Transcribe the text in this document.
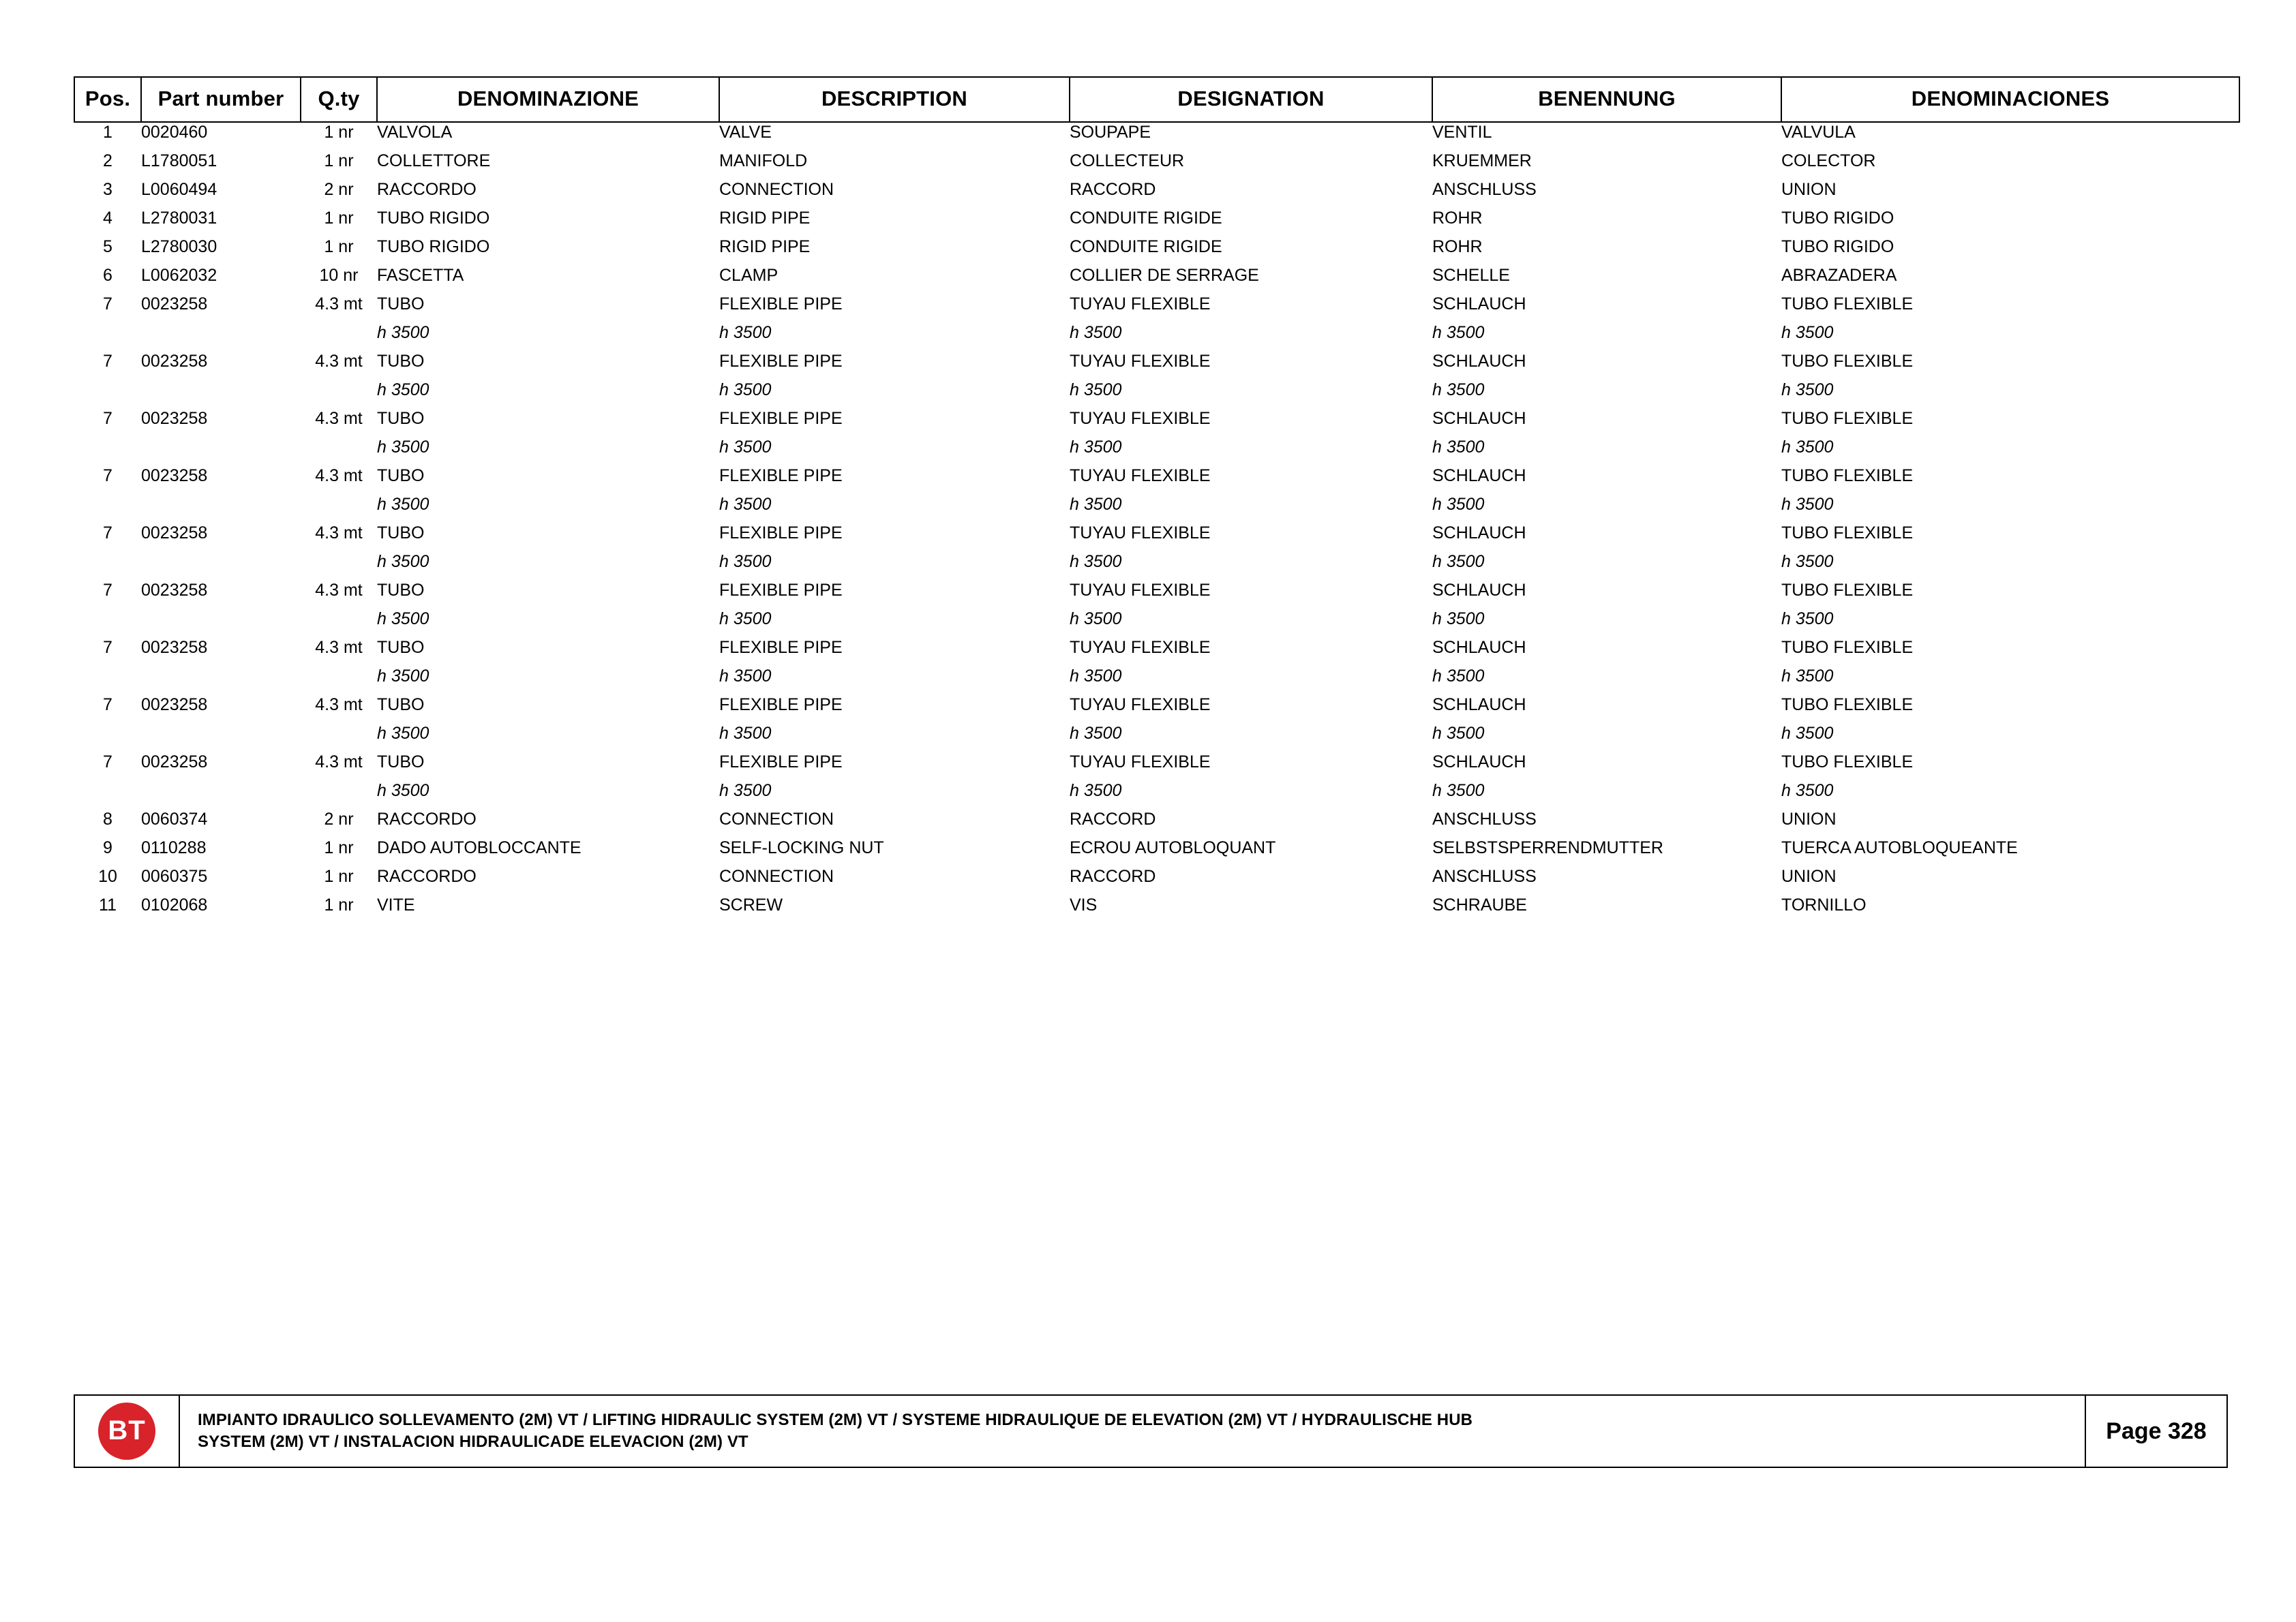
Pos.	Part number	Q.ty	DENOMINAZIONE	DESCRIPTION	DESIGNATION	BENENNUNG	DENOMINACIONES
1	0020460	1 nr	VALVOLA	VALVE	SOUPAPE	VENTIL	VALVULA
2	L1780051	1 nr	COLLETTORE	MANIFOLD	COLLECTEUR	KRUEMMER	COLECTOR
3	L0060494	2 nr	RACCORDO	CONNECTION	RACCORD	ANSCHLUSS	UNION
4	L2780031	1 nr	TUBO RIGIDO	RIGID PIPE	CONDUITE RIGIDE	ROHR	TUBO RIGIDO
5	L2780030	1 nr	TUBO RIGIDO	RIGID PIPE	CONDUITE RIGIDE	ROHR	TUBO RIGIDO
6	L0062032	10 nr	FASCETTA	CLAMP	COLLIER DE SERRAGE	SCHELLE	ABRAZADERA
7	0023258	4.3 mt	TUBO	FLEXIBLE PIPE	TUYAU FLEXIBLE	SCHLAUCH	TUBO FLEXIBLE
			h 3500	h 3500	h 3500	h 3500	h 3500
7	0023258	4.3 mt	TUBO	FLEXIBLE PIPE	TUYAU FLEXIBLE	SCHLAUCH	TUBO FLEXIBLE
			h 3500	h 3500	h 3500	h 3500	h 3500
7	0023258	4.3 mt	TUBO	FLEXIBLE PIPE	TUYAU FLEXIBLE	SCHLAUCH	TUBO FLEXIBLE
			h 3500	h 3500	h 3500	h 3500	h 3500
7	0023258	4.3 mt	TUBO	FLEXIBLE PIPE	TUYAU FLEXIBLE	SCHLAUCH	TUBO FLEXIBLE
			h 3500	h 3500	h 3500	h 3500	h 3500
7	0023258	4.3 mt	TUBO	FLEXIBLE PIPE	TUYAU FLEXIBLE	SCHLAUCH	TUBO FLEXIBLE
			h 3500	h 3500	h 3500	h 3500	h 3500
7	0023258	4.3 mt	TUBO	FLEXIBLE PIPE	TUYAU FLEXIBLE	SCHLAUCH	TUBO FLEXIBLE
			h 3500	h 3500	h 3500	h 3500	h 3500
7	0023258	4.3 mt	TUBO	FLEXIBLE PIPE	TUYAU FLEXIBLE	SCHLAUCH	TUBO FLEXIBLE
			h 3500	h 3500	h 3500	h 3500	h 3500
7	0023258	4.3 mt	TUBO	FLEXIBLE PIPE	TUYAU FLEXIBLE	SCHLAUCH	TUBO FLEXIBLE
			h 3500	h 3500	h 3500	h 3500	h 3500
7	0023258	4.3 mt	TUBO	FLEXIBLE PIPE	TUYAU FLEXIBLE	SCHLAUCH	TUBO FLEXIBLE
			h 3500	h 3500	h 3500	h 3500	h 3500
8	0060374	2 nr	RACCORDO	CONNECTION	RACCORD	ANSCHLUSS	UNION
9	0110288	1 nr	DADO AUTOBLOCCANTE	SELF-LOCKING NUT	ECROU AUTOBLOQUANT	SELBSTSPERRENDMUTTER	TUERCA AUTOBLOQUEANTE
10	0060375	1 nr	RACCORDO	CONNECTION	RACCORD	ANSCHLUSS	UNION
11	0102068	1 nr	VITE	SCREW	VIS	SCHRAUBE	TORNILLO
BT	IMPIANTO IDRAULICO SOLLEVAMENTO (2M) VT / LIFTING HIDRAULIC SYSTEM (2M) VT / SYSTEME HIDRAULIQUE DE ELEVATION (2M) VT / HYDRAULISCHE HUB
SYSTEM (2M) VT / INSTALACION HIDRAULICADE ELEVACION (2M) VT	Page 328
